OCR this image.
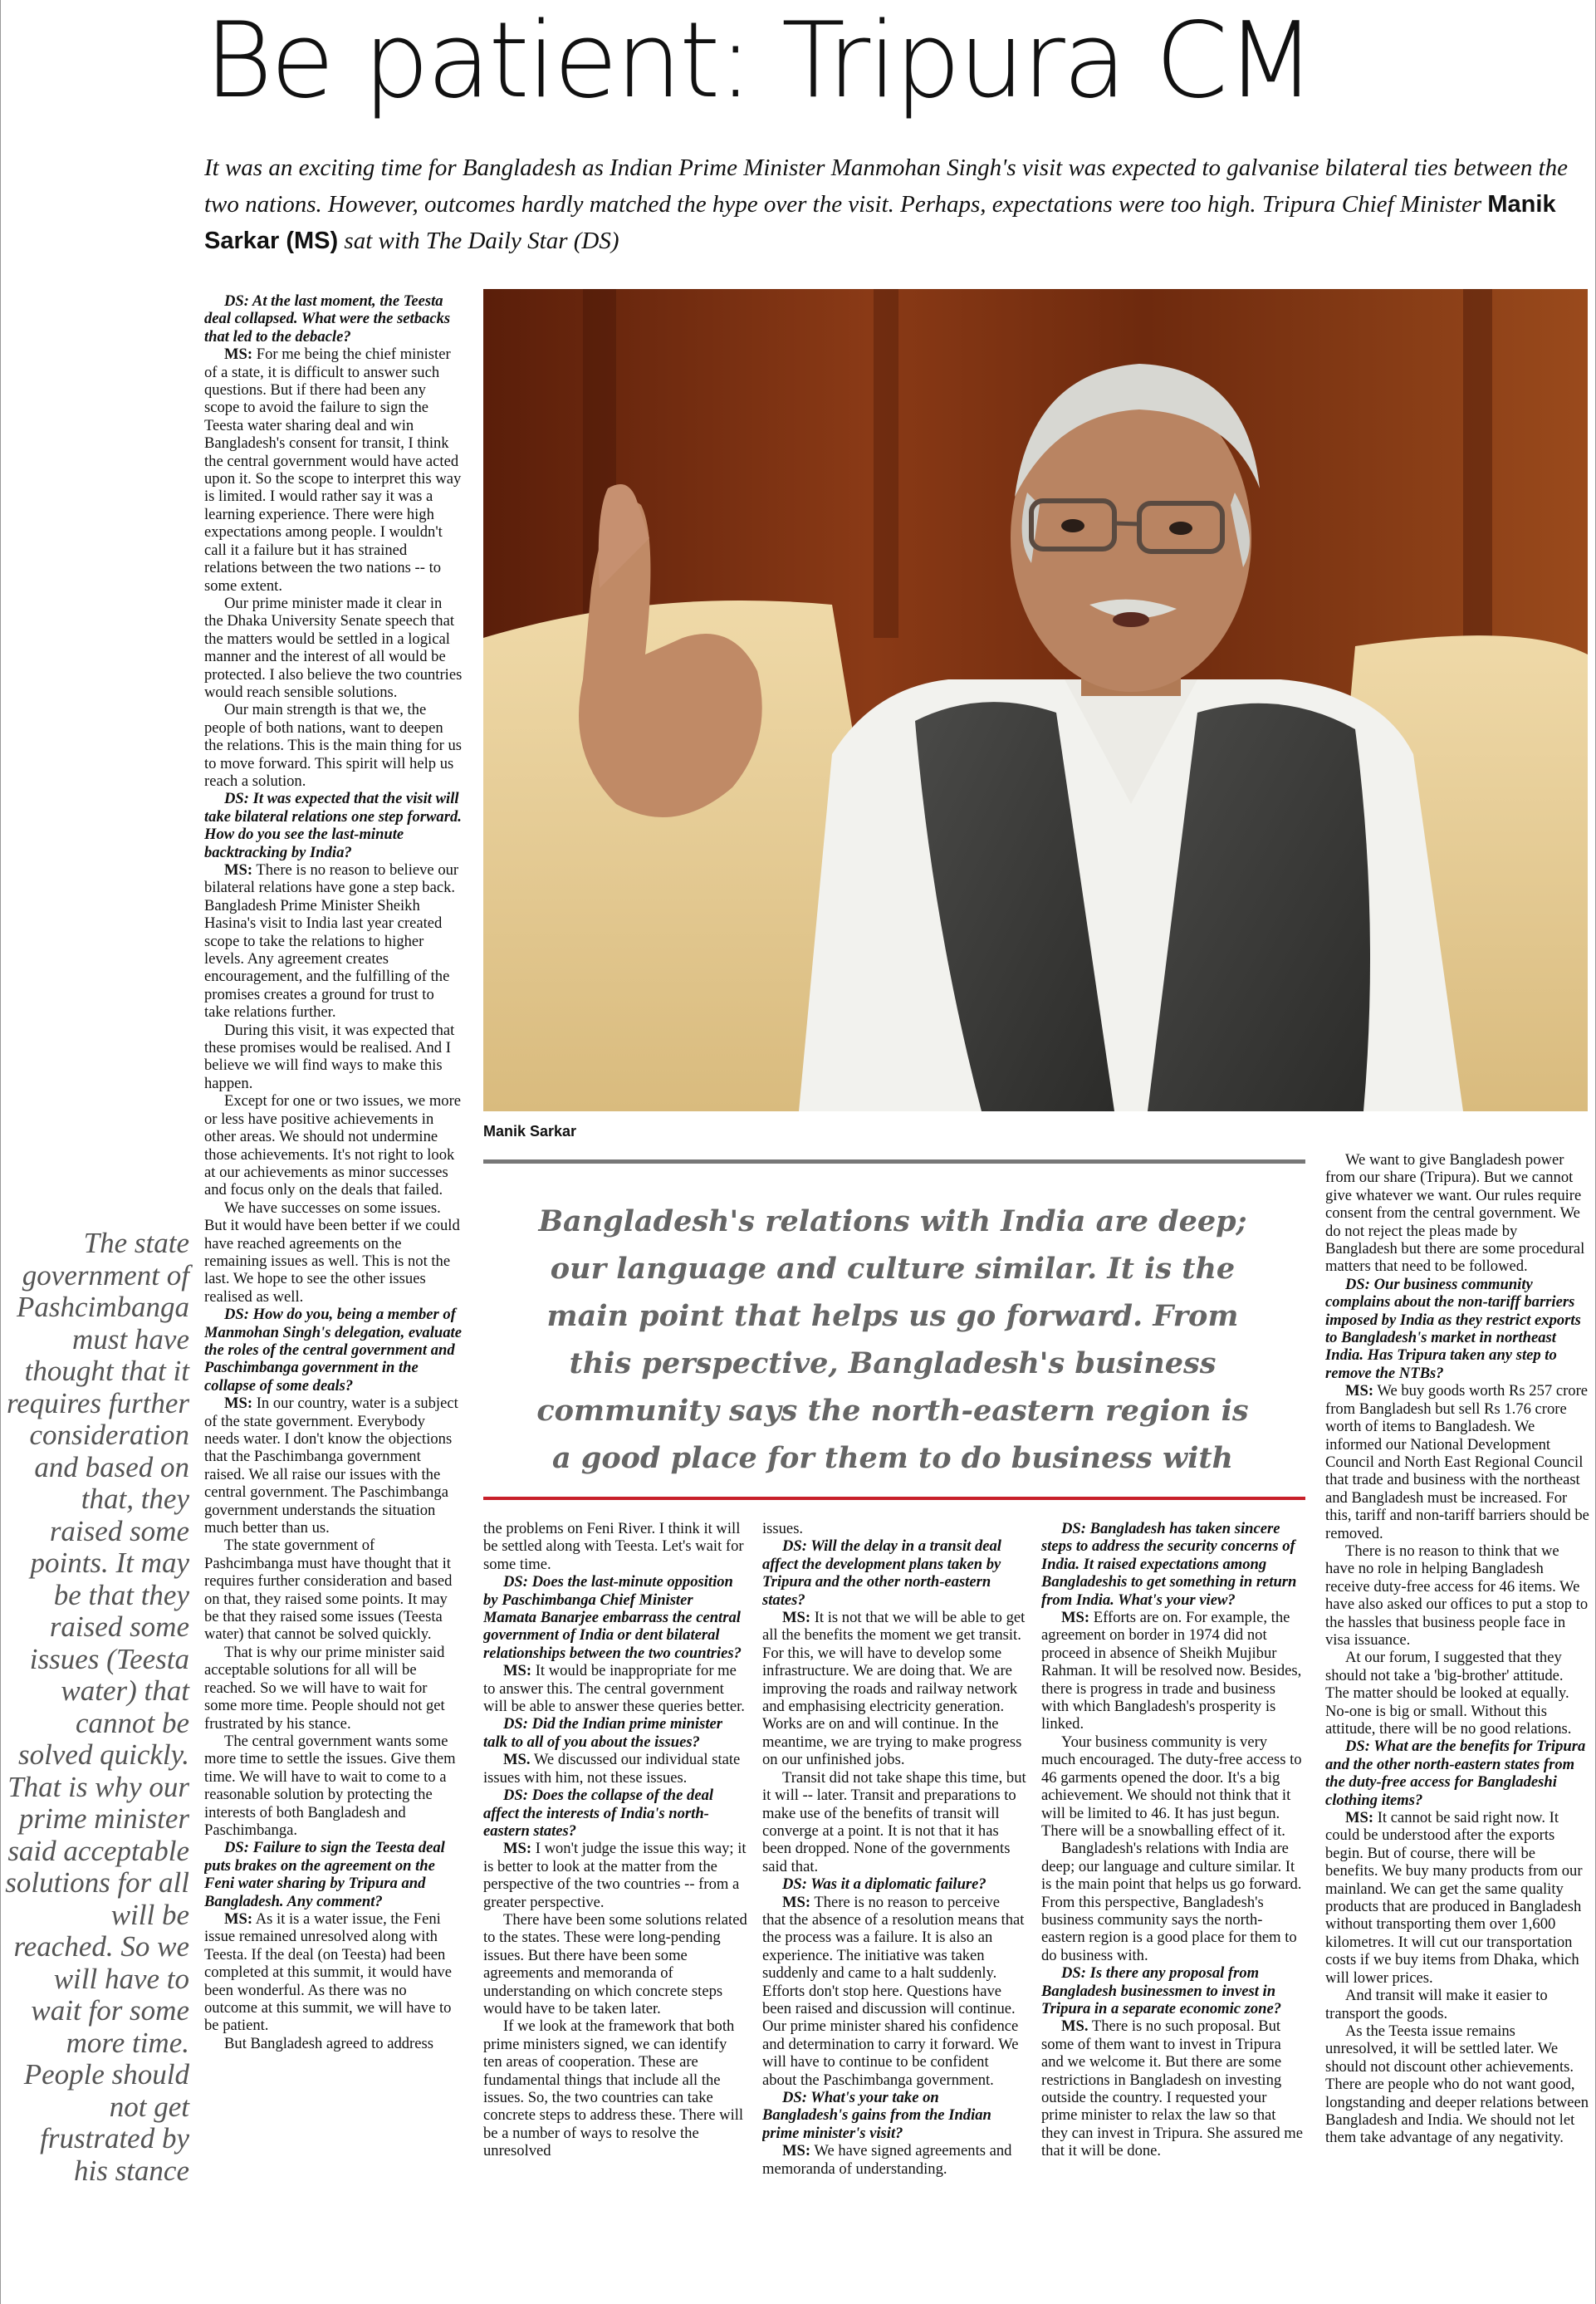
Be patient: Tripura CM
It was an exciting time for Bangladesh as Indian Prime Minister Manmohan Singh's visit was expected to galvanise bilateral ties between the two nations. However, outcomes hardly matched the hype over the visit. Perhaps, expectations were too high. Tripura Chief Minister Manik Sarkar (MS) sat with The Daily Star (DS)

DS: At the last moment, the Teesta deal collapsed. What were the setbacks that led to the debacle?

MS: For me being the chief minister of a state, it is difficult to answer such questions. But if there had been any scope to avoid the failure to sign the Teesta water sharing deal and win Bangladesh's consent for transit, I think the central government would have acted upon it. So the scope to interpret this way is limited. I would rather say it was a learning experience. There were high expectations among people. I wouldn't call it a failure but it has strained relations between the two nations -- to some extent.

Our prime minister made it clear in the Dhaka University Senate speech that the matters would be settled in a logical manner and the interest of all would be protected. I also believe the two countries would reach sensible solutions.

Our main strength is that we, the people of both nations, want to deepen the relations. This is the main thing for us to move forward. This spirit will help us reach a solution.

DS: It was expected that the visit will take bilateral relations one step forward. How do you see the last-minute backtracking by India?

MS: There is no reason to believe our bilateral relations have gone a step back. Bangladesh Prime Minister Sheikh Hasina's visit to India last year created scope to take the relations to higher levels. Any agreement creates encouragement, and the fulfilling of the promises creates a ground for trust to take relations further.

During this visit, it was expected that these promises would be realised. And I believe we will find ways to make this happen.

Except for one or two issues, we more or less have positive achievements in other areas. We should not undermine those achievements. It's not right to look at our achievements as minor successes and focus only on the deals that failed.

We have successes on some issues. But it would have been better if we could have reached agreements on the remaining issues as well. This is not the last. We hope to see the other issues realised as well.

DS: How do you, being a member of Manmohan Singh's delegation, evaluate the roles of the central government and Paschimbanga government in the collapse of some deals?

MS: In our country, water is a subject of the state government. Everybody needs water. I don't know the objections that the Paschimbanga government raised. We all raise our issues with the central government. The Paschimbanga government understands the situation much better than us.

The state government of Pashcimbanga must have thought that it requires further consideration and based on that, they raised some points. It may be that they raised some issues (Teesta water) that cannot be solved quickly.

That is why our prime minister said acceptable solutions for all will be reached. So we will have to wait for some more time. People should not get frustrated by his stance.

The central government wants some more time to settle the issues. Give them time. We will have to wait to come to a reasonable solution by protecting the interests of both Bangladesh and Paschimbanga.

DS: Failure to sign the Teesta deal puts brakes on the agreement on the Feni water sharing by Tripura and Bangladesh. Any comment?

MS: As it is a water issue, the Feni issue remained unresolved along with Teesta. If the deal (on Teesta) had been completed at this summit, it would have been wonderful. As there was no outcome at this summit, we will have to be patient.

But Bangladesh agreed to address

Manik Sarkar
Bangladesh's relations with India are deep; our language and culture similar. It is the main point that helps us go forward. From this perspective, Bangladesh's business community says the north-eastern region is a good place for them to do business with
The state government of Pashcimbanga must have thought that it requires further consideration and based on that, they raised some points. It may be that they raised some issues (Teesta water) that cannot be solved quickly. That is why our prime minister said acceptable solutions for all will be reached. So we will have to wait for some more time. People should not get frustrated by his stance

the problems on Feni River. I think it will be settled along with Teesta. Let's wait for some time.

DS: Does the last-minute opposition by Paschimbanga Chief Minister Mamata Banarjee embarrass the central government of India or dent bilateral relationships between the two countries?

MS: It would be inappropriate for me to answer this. The central government will be able to answer these queries better.

DS: Did the Indian prime minister talk to all of you about the issues?

MS. We discussed our individual state issues with him, not these issues.

DS: Does the collapse of the deal affect the interests of India's north-eastern states?

MS: I won't judge the issue this way; it is better to look at the matter from the perspective of the two countries -- from a greater perspective.

There have been some solutions related to the states. These were long-pending issues. But there have been some agreements and memoranda of understanding on which concrete steps would have to be taken later.

If we look at the framework that both prime ministers signed, we can identify ten areas of cooperation. These are fundamental things that include all the issues. So, the two countries can take concrete steps to address these. There will be a number of ways to resolve the unresolved

issues.

DS: Will the delay in a transit deal affect the development plans taken by Tripura and the other north-eastern states?

MS: It is not that we will be able to get all the benefits the moment we get transit. For this, we will have to develop some infrastructure. We are doing that. We are improving the roads and railway network and emphasising electricity generation. Works are on and will continue. In the meantime, we are trying to make progress on our unfinished jobs.

Transit did not take shape this time, but it will -- later. Transit and preparations to make use of the benefits of transit will converge at a point. It is not that it has been dropped. None of the governments said that.

DS: Was it a diplomatic failure?

MS: There is no reason to perceive that the absence of a resolution means that the process was a failure. It is also an experience. The initiative was taken suddenly and came to a halt suddenly. Efforts don't stop here. Questions have been raised and discussion will continue. Our prime minister shared his confidence and determination to carry it forward. We will have to continue to be confident about the Paschimbanga government.

DS: What's your take on Bangladesh's gains from the Indian prime minister's visit?

MS: We have signed agreements and memoranda of understanding.

DS: Bangladesh has taken sincere steps to address the security concerns of India. It raised expectations among Bangladeshis to get something in return from India. What's your view?

MS: Efforts are on. For example, the agreement on border in 1974 did not proceed in absence of Sheikh Mujibur Rahman. It will be resolved now. Besides, there is progress in trade and business with which Bangladesh's prosperity is linked.

Your business community is very much encouraged. The duty-free access to 46 garments opened the door. It's a big achievement. We should not think that it will be limited to 46. It has just begun. There will be a snowballing effect of it.

Bangladesh's relations with India are deep; our language and culture similar. It is the main point that helps us go forward. From this perspective, Bangladesh's business community says the north-eastern region is a good place for them to do business with.

DS: Is there any proposal from Bangladesh businessmen to invest in Tripura in a separate economic zone?

MS. There is no such proposal. But some of them want to invest in Tripura and we welcome it. But there are some restrictions in Bangladesh on investing outside the country. I requested your prime minister to relax the law so that they can invest in Tripura. She assured me that it will be done.

We want to give Bangladesh power from our share (Tripura). But we cannot give whatever we want. Our rules require consent from the central government. We do not reject the pleas made by Bangladesh but there are some procedural matters that need to be followed.

DS: Our business community complains about the non-tariff barriers imposed by India as they restrict exports to Bangladesh's market in northeast India. Has Tripura taken any step to remove the NTBs?

MS: We buy goods worth Rs 257 crore from Bangladesh but sell Rs 1.76 crore worth of items to Bangladesh. We informed our National Development Council and North East Regional Council that trade and business with the northeast and Bangladesh must be increased. For this, tariff and non-tariff barriers should be removed.

There is no reason to think that we have no role in helping Bangladesh receive duty-free access for 46 items. We have also asked our offices to put a stop to the hassles that business people face in visa issuance.

At our forum, I suggested that they should not take a 'big-brother' attitude. The matter should be looked at equally. No-one is big or small. Without this attitude, there will be no good relations.

DS: What are the benefits for Tripura and the other north-eastern states from the duty-free access for Bangladeshi clothing items?

MS: It cannot be said right now. It could be understood after the exports begin. But of course, there will be benefits. We buy many products from our mainland. We can get the same quality products that are produced in Bangladesh without transporting them over 1,600 kilometres. It will cut our transportation costs if we buy items from Dhaka, which will lower prices.

And transit will make it easier to transport the goods.

As the Teesta issue remains unresolved, it will be settled later. We should not discount other achievements. There are people who do not want good, longstanding and deeper relations between Bangladesh and India. We should not let them take advantage of any negativity.
